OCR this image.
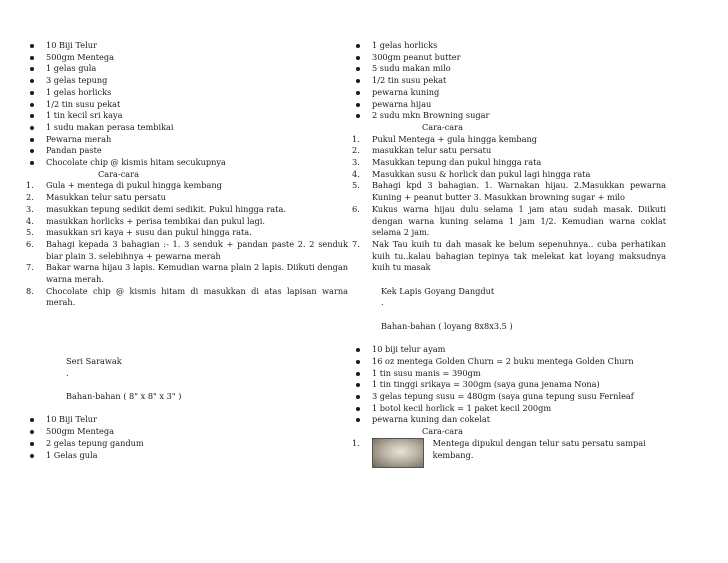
10 Biji Telur
500gm Mentega
1 gelas gula
3 gelas tepung
1 gelas horlicks
1/2 tin susu pekat
1 tin kecil sri kaya
1 sudu makan perasa tembikai
Pewarna merah
Pandan paste
Chocolate chip @ kismis hitam secukupnya
Cara-cara
1. Gula + mentega di pukul hingga kembang
2. Masukkan telur satu persatu
3. masukkan tepung sedikit demi sedikit. Pukul hingga rata.
4. masukkan horlicks + perisa tembikai dan pukul lagi.
5. masukkan sri kaya + susu dan pukul hingga rata.
6. Bahagi kepada 3 bahagian :- 1. 3 senduk + pandan paste 2. 2 senduk biar plain 3. selebihnya + pewarna merah
7. Bakar warna hijau 3 lapis. Kemudian warna plain 2 lapis. Diikuti dengan warna merah.
8. Chocolate chip @ kismis hitam di masukkan di atas lapisan warna merah.
Seri Sarawak
.
Bahan-bahan ( 8" x 8" x 3" )
10 Biji Telur
500gm Mentega
2 gelas tepung gandum
1 Gelas gula
1 gelas horlicks
300gm peanut butter
5 sudu makan milo
1/2 tin susu pekat
pewarna kuning
pewarna hijau
2 sudu mkn Browning sugar
Cara-cara
1. Pukul Mentega + gula hingga kembang
2. masukkan telur satu persatu
3. Masukkan tepung dan pukul hingga rata
4. Masukkan susu & horlick dan pukul lagi hingga rata
5. Bahagi kpd 3 bahagian. 1. Warnakan hijau. 2.Masukkan pewarna Kuning + peanut butter 3. Masukkan browning sugar + milo
6. Kukus warna hijau dulu selama 1 jam atau sudah masak. Diikuti dengan warna kuning selama 1 jam 1/2. Kemudian warna coklat selama 2 jam.
7. Nak Tau kuih tu dah masak ke belum sepenuhnya.. cuba perhatikan kuih tu..kalau bahagian tepinya tak melekat kat loyang maksudnya kuih tu masak
Kek Lapis Goyang Dangdut
.
Bahan-bahan ( loyang 8x8x3.5 )
10 biji telur ayam
16 oz mentega Golden Churn = 2 buku mentega Golden Churn
1 tin susu manis = 390gm
1 tin tinggi srikaya = 300gm (saya guna jenama Nona)
3 gelas tepung susu = 480gm (saya guna tepung susu Fernleaf
1 botol kecil horlick = 1 paket kecil 200gm
pewarna kuning dan cokelat
Cara-cara
1.	Mentega dipukul dengan telur satu persatu sampai kembang.
